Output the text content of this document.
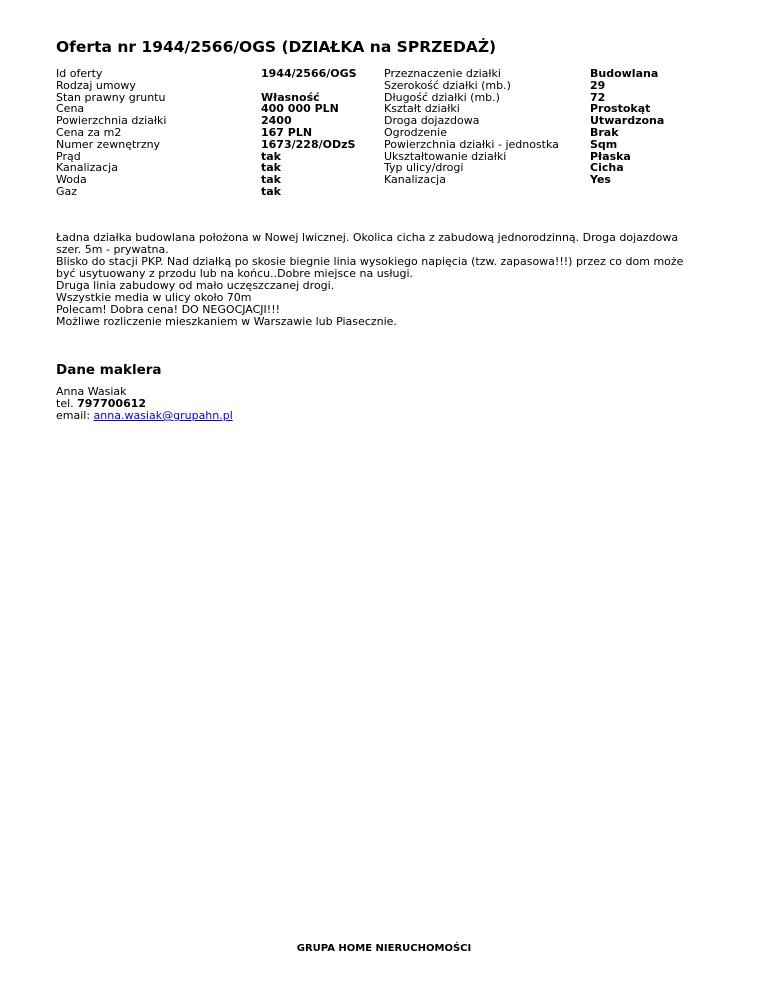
Oferta nr 1944/2566/OGS (DZIAŁKA na SPRZEDAŻ)
Id oferty
Rodzaj umowy
Stan prawny gruntu
Cena
Powierzchnia działki
Cena za m2
Numer zewnętrzny
Prąd
Kanalizacja
Woda
Gaz
1944/2566/OGS
Własność
400 000 PLN
2400
167 PLN
1673/228/ODzS
tak
tak
tak
tak
Przeznaczenie działki
Szerokość działki (mb.)
Długość działki (mb.)
Kształt działki
Droga dojazdowa
Ogrodzenie
Powierzchnia działki - jednostka
Ukształtowanie działki
Typ ulicy/drogi
Kanalizacja
Budowlana
29
72
Prostokąt
Utwardzona
Brak
Sqm
Płaska
Cicha
Yes

Ładna działka budowlana położona w Nowej Iwicznej. Okolica cicha z zabudową jednorodzinną. Droga dojazdowa szer. 5m - prywatna.

Blisko do stacji PKP. Nad działką po skosie biegnie linia wysokiego napięcia (tzw. zapasowa!!!) przez co dom może być usytuowany z przodu lub na końcu..Dobre miejsce na usługi.

Druga linia zabudowy od mało uczęszczanej drogi.

Wszystkie media w ulicy około 70m

Polecam! Dobra cena! DO NEGOCJACJI!!!

Możliwe rozliczenie mieszkaniem w Warszawie lub Piasecznie.

Dane maklera
Anna Wasiak
tel. 797700612
email: anna.wasiak@grupahn.pl
GRUPA HOME NIERUCHOMOŚCI
